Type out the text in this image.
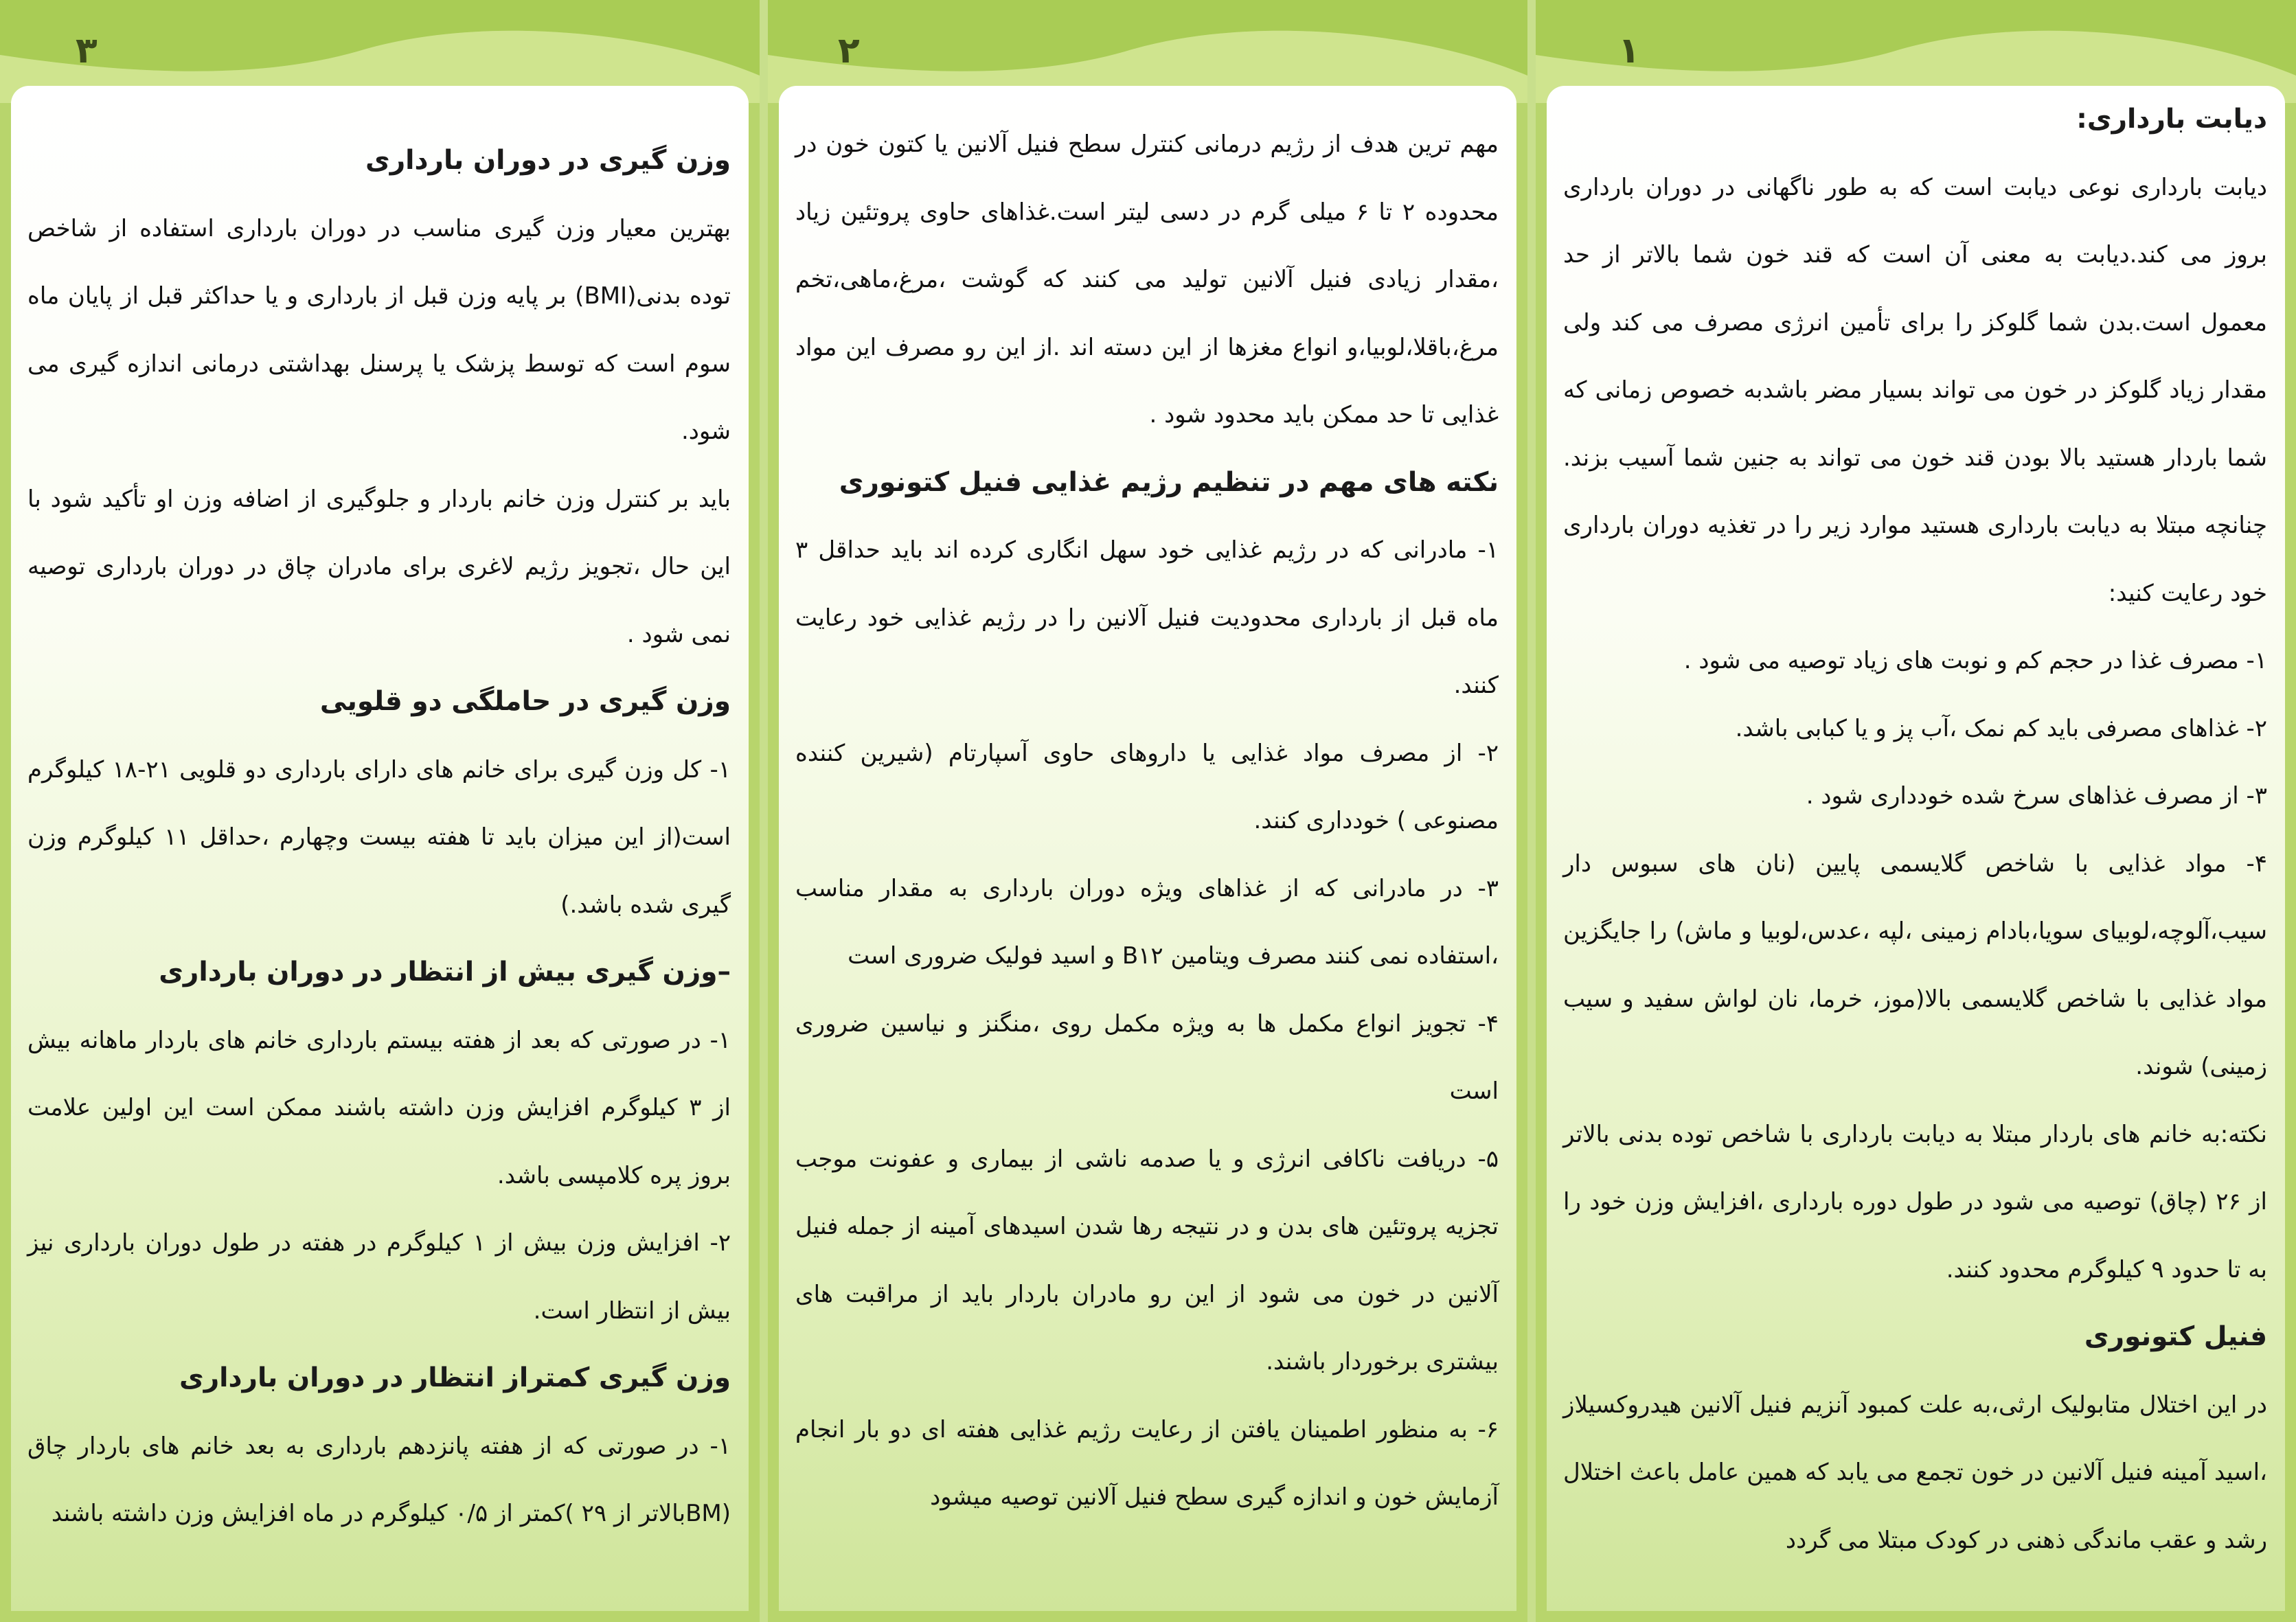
۳

وزن گیری در دوران بارداری

بهترین معیار وزن گیری مناسب در دوران بارداری استفاده از شاخص توده بدنی(BMI) بر پایه وزن قبل از بارداری و یا حداکثر قبل از پایان ماه سوم است که توسط پزشک یا پرسنل بهداشتی درمانی اندازه گیری می شود.

باید بر کنترل وزن خانم باردار و جلوگیری از اضافه وزن او تأکید شود با این حال ،تجویز رژیم لاغری برای مادران چاق در دوران بارداری توصیه نمی شود .

وزن گیری در حاملگی دو قلویی

۱- کل وزن گیری برای خانم های دارای بارداری دو قلویی ۲۱-۱۸ کیلوگرم است(از این میزان باید تا هفته بیست وچهارم ،حداقل ۱۱ کیلوگرم وزن گیری شده باشد.)

–وزن گیری بیش از انتظار در دوران بارداری

۱- در صورتی که بعد از هفته بیستم بارداری خانم های باردار ماهانه بیش از ۳ کیلوگرم افزایش وزن داشته باشند ممکن است این اولین علامت بروز پره کلامپسی باشد.

۲- افزایش وزن بیش از ۱ کیلوگرم در هفته در طول دوران بارداری نیز بیش از انتظار است.

وزن گیری کمتراز انتظار در دوران بارداری

۱- در صورتی که از هفته پانزدهم بارداری به بعد خانم های باردار چاق (BMبالاتر از ۲۹ )کمتر از ۰/۵ کیلوگرم در ماه افزایش وزن داشته باشند

۲

مهم ترین هدف از رژیم درمانی کنترل سطح فنیل آلانین یا کتون خون در محدوده ۲ تا ۶ میلی گرم در دسی لیتر است.غذاهای حاوی پروتئین زیاد ،مقدار زیادی فنیل آلانین تولید می کنند که گوشت ،مرغ،ماهی،تخم مرغ،باقلا،لوبیا،و انواع مغزها از این دسته اند .از این رو مصرف این مواد غذایی تا حد ممکن باید محدود شود .

نکته های مهم در تنظیم رژیم غذایی فنیل کتونوری

۱- مادرانی که در رژیم غذایی خود سهل انگاری کرده اند باید حداقل ۳ ماه قبل از بارداری محدودیت فنیل آلانین را در رژیم غذایی خود رعایت کنند.

۲- از مصرف مواد غذایی یا داروهای حاوی آسپارتام (شیرین کننده مصنوعی ) خودداری کنند.

۳- در مادرانی که از غذاهای ویژه دوران بارداری به مقدار مناسب ،استفاده نمی کنند مصرف ویتامین B۱۲ و اسید فولیک ضروری است

۴- تجویز انواع مکمل ها به ویژه مکمل روی ،منگنز و نیاسین ضروری است

۵- دریافت ناکافی انرژی و یا صدمه ناشی از بیماری و عفونت موجب تجزیه پروتئین های بدن و در نتیجه رها شدن اسیدهای آمینه از جمله فنیل آلانین در خون می شود از این رو مادران باردار باید از مراقبت های بیشتری برخوردار باشند.

۶- به منظور اطمینان یافتن از رعایت رژیم غذایی هفته ای دو بار انجام آزمایش خون و اندازه گیری سطح فنیل آلانین توصیه میشود

۱

دیابت بارداری:

دیابت بارداری نوعی دیابت است که به طور ناگهانی در دوران بارداری بروز می کند.دیابت به معنی آن است که قند خون شما بالاتر از حد معمول است.بدن شما گلوکز را برای تأمین انرژی مصرف می کند ولی مقدار زیاد گلوکز در خون می تواند بسیار مضر باشدبه خصوص زمانی که شما باردار هستید بالا بودن قند خون می تواند به جنین شما آسیب بزند. چنانچه مبتلا به دیابت بارداری هستید موارد زیر را در تغذیه دوران بارداری خود رعایت کنید:

۱- مصرف غذا در حجم کم و نوبت های زیاد توصیه می شود .

۲- غذاهای مصرفی باید کم نمک ،آب پز و یا کبابی باشد.

۳- از مصرف غذاهای سرخ شده خودداری شود .

۴- مواد غذایی با شاخص گلایسمی پایین (نان های سبوس دار سیب،آلوچه،لوبیای سویا،بادام زمینی ،لپه ،عدس،لوبیا و ماش) را جایگزین مواد غذایی با شاخص گلایسمی بالا(موز، خرما، نان لواش سفید و سیب زمینی) شوند.

نکته:به خانم های باردار مبتلا به دیابت بارداری با شاخص توده بدنی بالاتر از ۲۶ (چاق) توصیه می شود در طول دوره بارداری ،افزایش وزن خود را به تا حدود ۹ کیلوگرم محدود کنند.

فنیل کتونوری

در این اختلال متابولیک ارثی،به علت کمبود آنزیم فنیل آلانین هیدروکسیلاز ،اسید آمینه فنیل آلانین در خون تجمع می یابد که همین عامل باعث اختلال رشد و عقب ماندگی ذهنی در کودک مبتلا می گردد
